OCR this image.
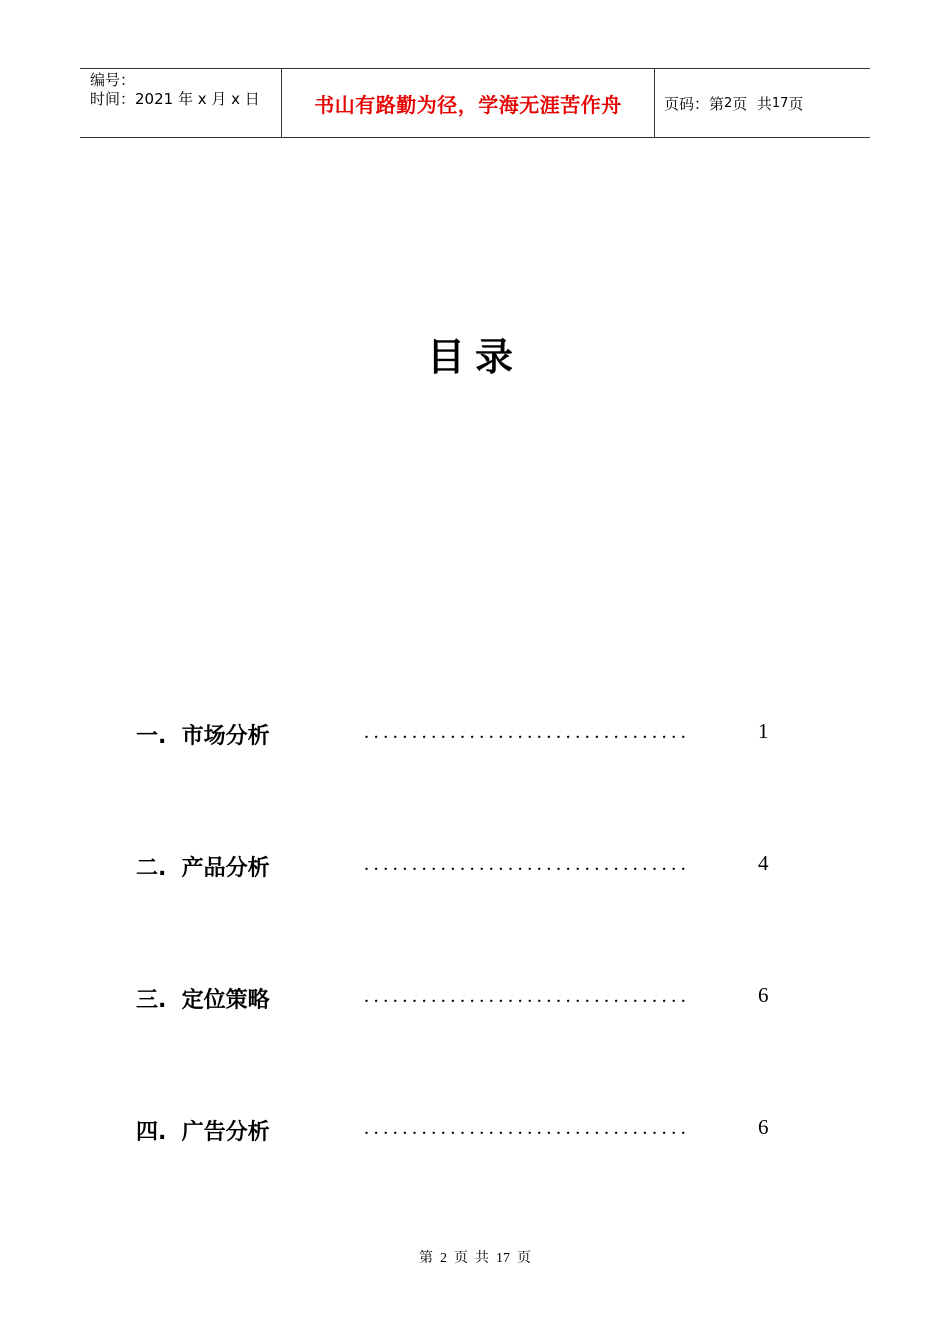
编号：
时间：2021 年 x 月 x 日	书山有路勤为径，学海无涯苦作舟	页码：第 2 页  共 17 页
目录
一.  市场分析	..................................	1
二.  产品分析	..................................	4
三.  定位策略	..................................	6
四.  广告分析	..................................	6
第  2  页  共  17  页
